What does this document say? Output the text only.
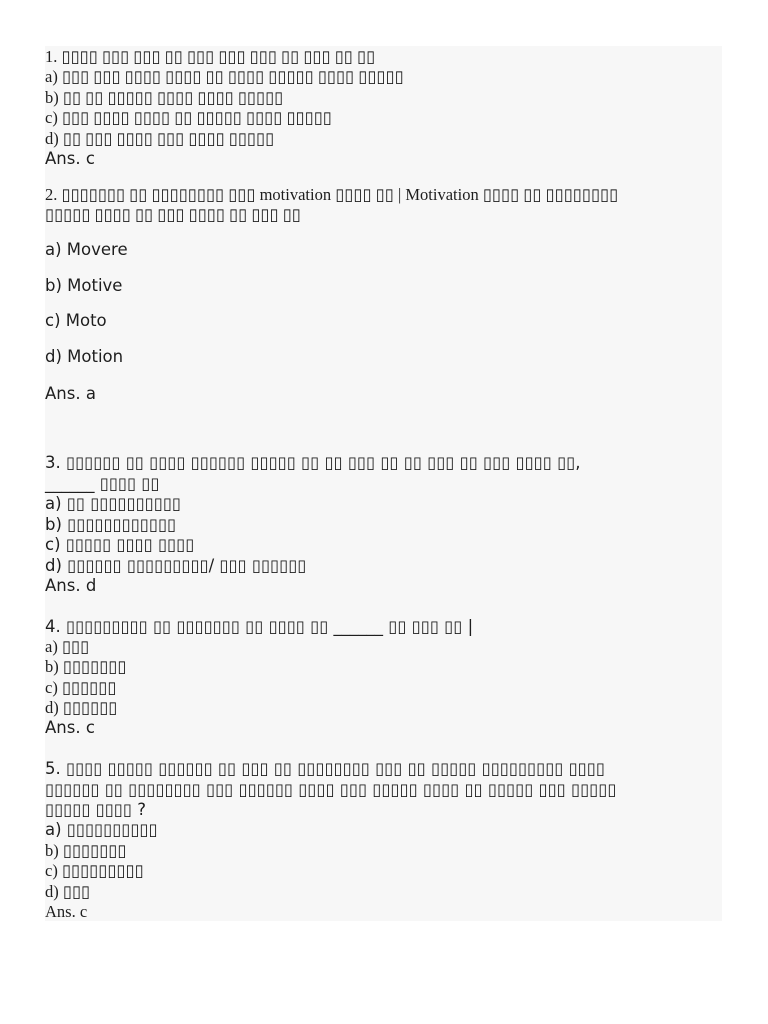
1. ▯▯▯▯ ▯▯▯ ▯▯▯ ▯▯ ▯▯▯ ▯▯▯ ▯▯▯ ▯▯ ▯▯▯ ▯▯ ▯▯
a) ▯▯▯ ▯▯▯ ▯▯▯▯ ▯▯▯▯ ▯▯ ▯▯▯▯ ▯▯▯▯▯ ▯▯▯▯ ▯▯▯▯▯
b) ▯▯ ▯▯ ▯▯▯▯▯ ▯▯▯▯ ▯▯▯▯ ▯▯▯▯▯
c) ▯▯▯ ▯▯▯▯ ▯▯▯▯ ▯▯ ▯▯▯▯▯ ▯▯▯▯ ▯▯▯▯▯
d) ▯▯ ▯▯▯ ▯▯▯▯ ▯▯▯ ▯▯▯▯ ▯▯▯▯▯
Ans. c
2. ▯▯▯▯▯▯▯ ▯▯ ▯▯▯▯▯▯▯▯ ▯▯▯ motivation ▯▯▯▯ ▯▯ | Motivation ▯▯▯▯ ▯▯ ▯▯▯▯▯▯▯▯
▯▯▯▯▯ ▯▯▯▯ ▯▯ ▯▯▯ ▯▯▯▯ ▯▯ ▯▯▯ ▯▯
a) Movere
b) Motive
c) Moto
d) Motion
Ans. a
3. ▯▯▯▯▯▯ ▯▯ ▯▯▯▯ ▯▯▯▯▯▯ ▯▯▯▯▯ ▯▯ ▯▯ ▯▯▯ ▯▯ ▯▯ ▯▯▯ ▯▯ ▯▯▯ ▯▯▯▯ ▯▯,
______ ▯▯▯▯ ▯▯
a) ▯▯ ▯▯▯▯▯▯▯▯▯▯
b) ▯▯▯▯▯▯▯▯▯▯▯▯
c) ▯▯▯▯▯ ▯▯▯▯ ▯▯▯▯
d) ▯▯▯▯▯▯ ▯▯▯▯▯▯▯▯▯/ ▯▯▯ ▯▯▯▯▯▯
Ans. d
4. ▯▯▯▯▯▯▯▯▯ ▯▯ ▯▯▯▯▯▯▯ ▯▯ ▯▯▯▯ ▯▯ ______ ▯▯ ▯▯▯ ▯▯ |
a) ▯▯▯
b) ▯▯▯▯▯▯▯
c) ▯▯▯▯▯▯
d) ▯▯▯▯▯▯
Ans. c
5. ▯▯▯▯ ▯▯▯▯▯ ▯▯▯▯▯▯ ▯▯ ▯▯▯ ▯▯ ▯▯▯▯▯▯▯▯ ▯▯▯ ▯▯ ▯▯▯▯▯ ▯▯▯▯▯▯▯▯▯ ▯▯▯▯
▯▯▯▯▯▯ ▯▯ ▯▯▯▯▯▯▯▯ ▯▯▯ ▯▯▯▯▯▯ ▯▯▯▯ ▯▯▯ ▯▯▯▯▯ ▯▯▯▯ ▯▯ ▯▯▯▯▯ ▯▯▯ ▯▯▯▯▯
▯▯▯▯▯ ▯▯▯▯ ?
a) ▯▯▯▯▯▯▯▯▯▯
b) ▯▯▯▯▯▯▯
c) ▯▯▯▯▯▯▯▯▯
d) ▯▯▯
Ans. c
